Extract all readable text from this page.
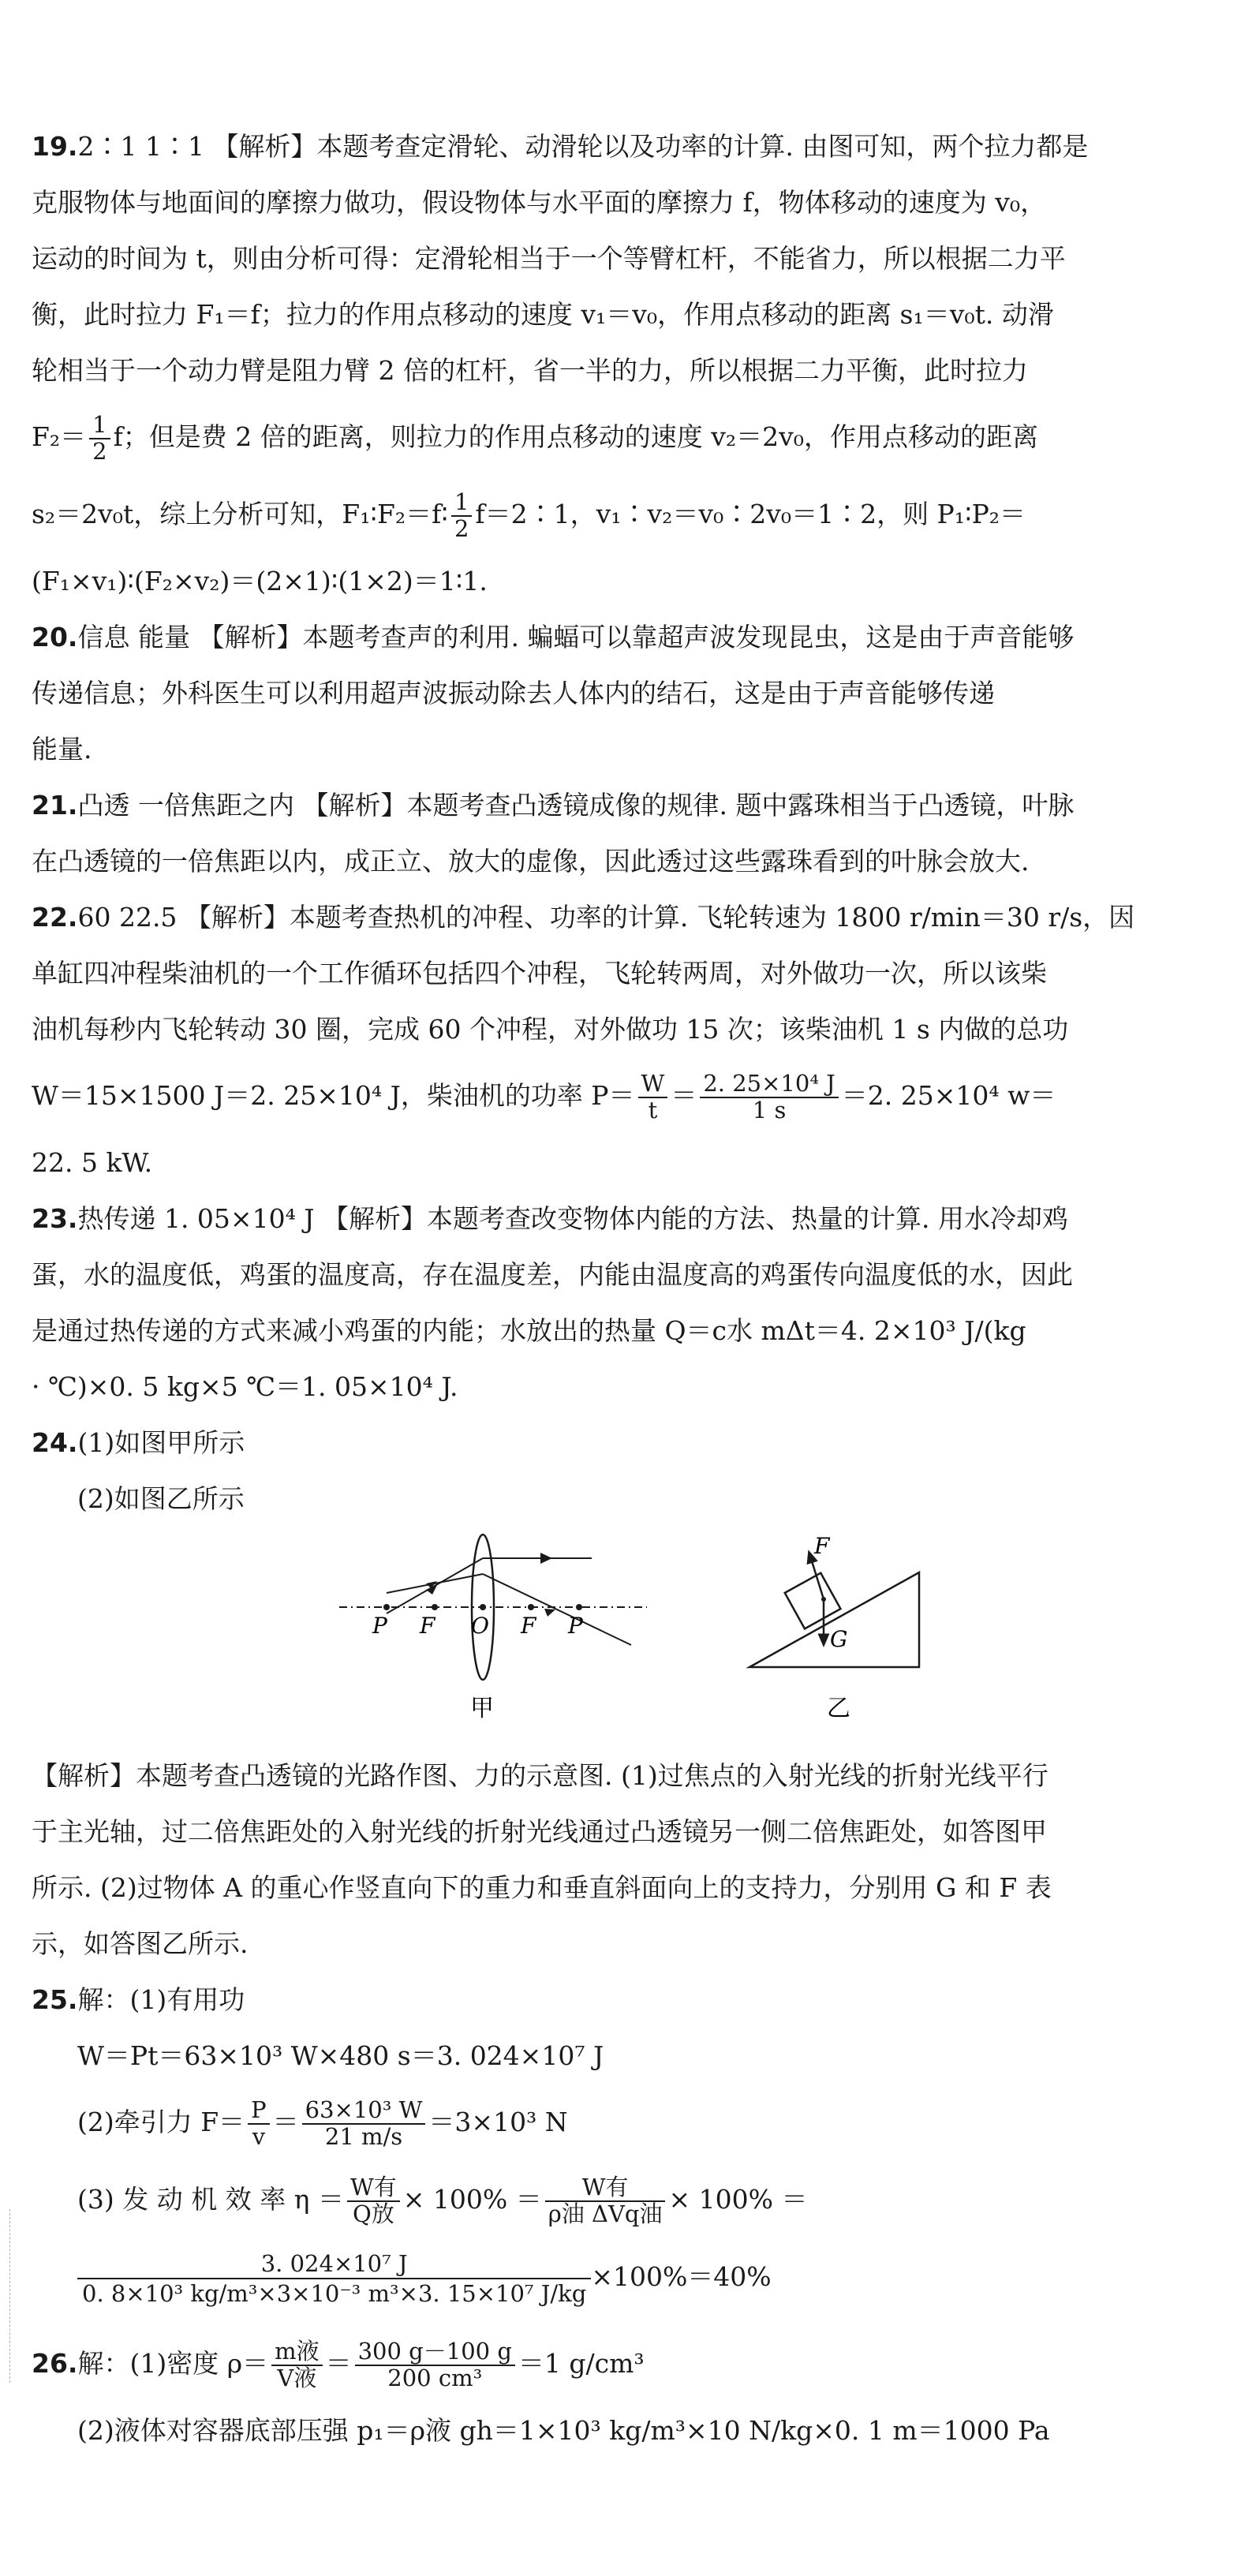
19.2∶1 1∶1 【解析】本题考查定滑轮、动滑轮以及功率的计算. 由图可知，两个拉力都是
克服物体与地面间的摩擦力做功，假设物体与水平面的摩擦力 f，物体移动的速度为 v₀，
运动的时间为 t，则由分析可得：定滑轮相当于一个等臂杠杆，不能省力，所以根据二力平
衡，此时拉力 F₁＝f；拉力的作用点移动的速度 v₁＝v₀，作用点移动的距离 s₁＝v₀t. 动滑
轮相当于一个动力臂是阻力臂 2 倍的杠杆，省一半的力，所以根据二力平衡，此时拉力
$F_2= \frac{1}{2}$ f；但是费 2 倍的距离，则拉力的作用点移动的速度 v₂＝2v₀，作用点移动的距离
s₂＝2v₀t，综上分析可知，F₁∶F₂＝f∶ $\frac{1}{2}$ f＝2∶1，v₁∶v₂＝v₀∶2v₀＝1∶2，则 P₁∶P₂＝
(F₁×v₁)∶(F₂×v₂)＝(2×1)∶(1×2)＝1∶1.
20.信息 能量 【解析】本题考查声的利用. 蝙蝠可以靠超声波发现昆虫，这是由于声音能够
传递信息；外科医生可以利用超声波振动除去人体内的结石，这是由于声音能够传递
能量.
21.凸透 一倍焦距之内 【解析】本题考查凸透镜成像的规律. 题中露珠相当于凸透镜，叶脉
在凸透镜的一倍焦距以内，成正立、放大的虚像，因此透过这些露珠看到的叶脉会放大.
22.60 22.5 【解析】本题考查热机的冲程、功率的计算. 飞轮转速为 1800 r/min＝30 r/s，因
单缸四冲程柴油机的一个工作循环包括四个冲程，飞轮转两周，对外做功一次，所以该柴
油机每秒内飞轮转动 30 圈，完成 60 个冲程，对外做功 15 次；该柴油机 1 s 内做的总功
W＝15×1500 J＝2. 25×10⁴ J，柴油机的功率 $P= \frac{W}{t} = \frac{\text{2. 25×10⁴ J}}{1 s} =2$. 25×10⁴ w＝
22. 5 kW.
23.热传递 1. 05×10⁴ J 【解析】本题考查改变物体内能的方法、热量的计算. 用水冷却鸡
蛋，水的温度低，鸡蛋的温度高，存在温度差，内能由温度高的鸡蛋传向温度低的水，因此
是通过热传递的方式来减小鸡蛋的内能；水放出的热量 Q＝c水 mΔt＝4. 2×10³ J/(kg
· ℃)×0. 5 kg×5 ℃＝1. 05×10⁴ J.
24.(1)如图甲所示
(2)如图乙所示
P F O F P
甲
F
G
乙
【解析】本题考查凸透镜的光路作图、力的示意图. (1)过焦点的入射光线的折射光线平行
于主光轴，过二倍焦距处的入射光线的折射光线通过凸透镜另一侧二倍焦距处，如答图甲
所示. (2)过物体 A 的重心作竖直向下的重力和垂直斜面向上的支持力，分别用 G 和 F 表
示，如答图乙所示.
25.解：(1)有用功
W＝Pt＝63×10³ W×480 s＝3. 024×10⁷ J
(2)牵引力 $F= \frac{P}{v} = \frac{\text{63×10³ W}}{21 m/s} =3\times 10^3$ N
(3) 发 动 机 效 率 $\eta = \frac{\text{W有}}{\text{Q放}} \times 100\% = \frac{\text{W有}}{\text{ρ油 ΔVq油}} \times 100\%$ ＝
$\frac{\text{3. 024×10⁷ J}}{\text{0. 8×10³ kg/m³×3×10⁻³ m³×3. 15×10⁷ J/kg}} \times 100\%=40\%$
26.解：(1)密度 $\rho= \frac{\text{m液}}{\text{V液}} = \frac{300 g-100 g}{\text{200 cm³}} =1$ g/cm³
(2)液体对容器底部压强 p₁＝ρ液 gh＝1×10³ kg/m³×10 N/kg×0. 1 m＝1000 Pa
